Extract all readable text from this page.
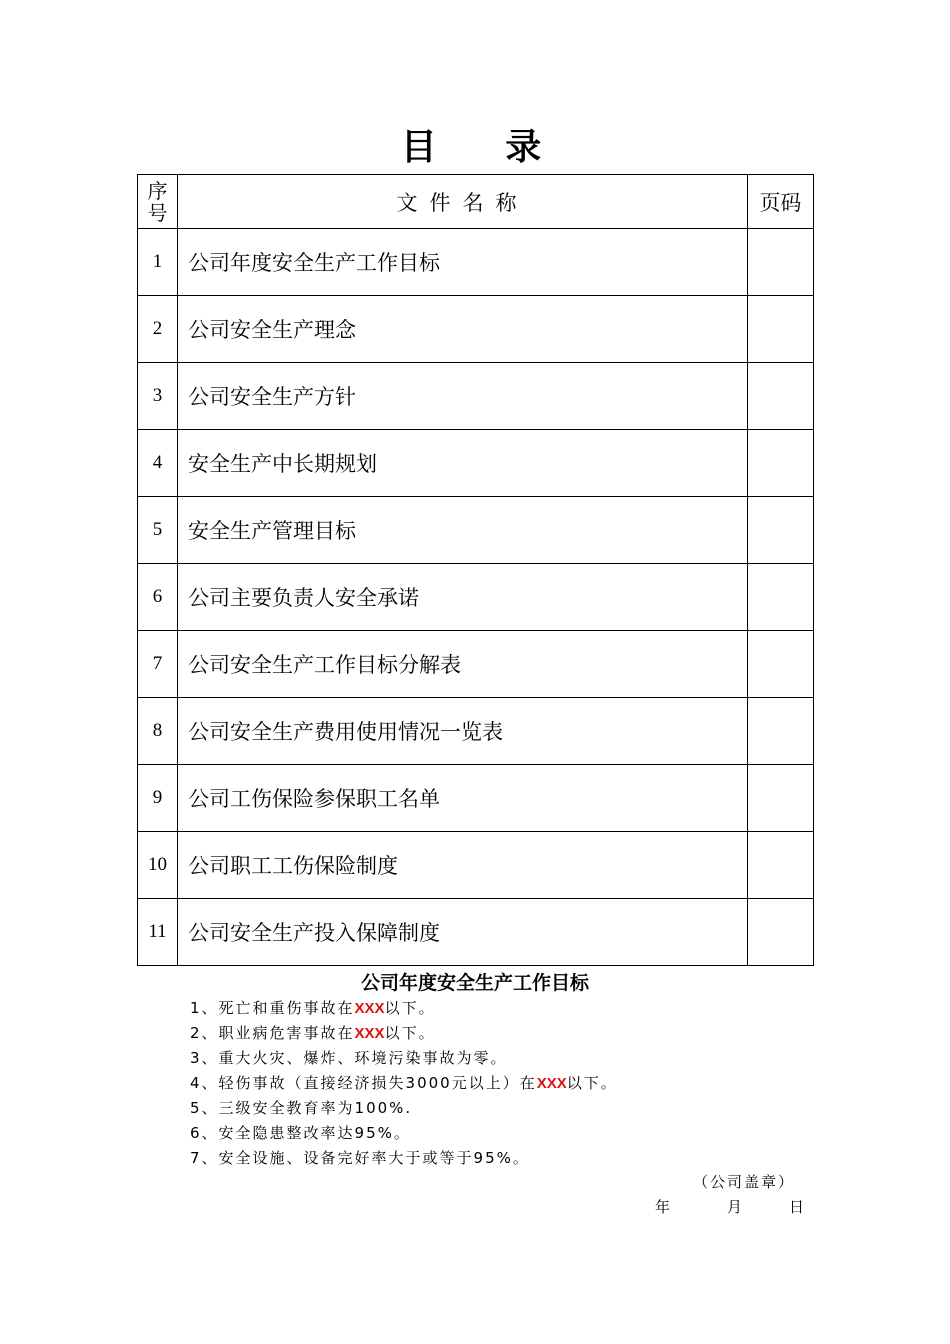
目 录
序
号	文件名称	页码
1	公司年度安全生产工作目标	
2	公司安全生产理念	
3	公司安全生产方针	
4	安全生产中长期规划	
5	安全生产管理目标	
6	公司主要负责人安全承诺	
7	公司安全生产工作目标分解表	
8	公司安全生产费用使用情况一览表	
9	公司工伤保险参保职工名单	
10	公司职工工伤保险制度	
11	公司安全生产投入保障制度	
公司年度安全生产工作目标
1、死亡和重伤事故在XXX以下。
2、职业病危害事故在XXX以下。
3、重大火灾、爆炸、环境污染事故为零。
4、轻伤事故（直接经济损失3000元以上）在XXX以下。
5、三级安全教育率为100%.
6、安全隐患整改率达95%。
7、安全设施、设备完好率大于或等于95%。
（公司盖章）
年	月	日
